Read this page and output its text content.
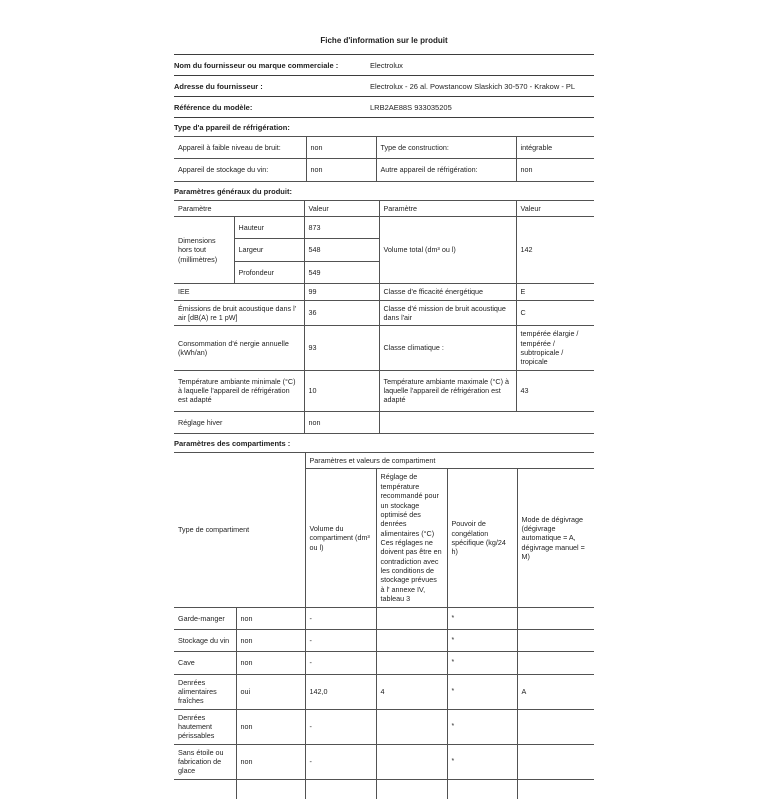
Fiche d'information sur le produit
Nom du fournisseur ou marque commerciale :	Electrolux
Adresse du fournisseur :	Electrolux - 26 al. Powstancow Slaskich 30-570 - Krakow - PL
Référence du modèle:	LRB2AE88S 933035205
Type d'a ppareil de réfrigération:
Appareil à faible niveau de bruit:	non	Type de construction:	intégrable
Appareil de stockage du vin:	non	Autre appareil de réfrigération:	non
Paramètres généraux du produit:
Paramètre		Valeur	Paramètre	Valeur
Dimensions hors tout (millimètres)	Hauteur	873	Volume total (dm³ ou l)	142
	Largeur	548		
	Profondeur	549		
IEE		99	Classe d'e fficacité énergétique	E
Émissions de bruit acoustique dans l' air [dB(A) re 1 pW]		36	Classe d'é mission de bruit acoustique dans l'air	C
Consommation d'é nergie annuelle (kWh/an)		93	Classe climatique :	tempérée élargie / tempérée / subtropicale / tropicale
Température ambiante minimale (°C) à laquelle l'appareil de réfrigération est adapté		10	Température ambiante maximale (°C) à laquelle l'appareil de réfrigération est adapté	43
Réglage hiver		non		
Paramètres des compartiments :
Type de compartiment		Paramètres et valeurs de compartiment			
		Volume du compartiment (dm³ ou l)	Réglage de température recommandé pour un stockage optimisé des denrées alimentaires (°C) Ces réglages ne doivent pas être en contradiction avec les conditions de stockage prévues à l' annexe IV, tableau 3	Pouvoir de congélation spécifique (kg/24 h)	Mode de dégivrage (dégivrage automatique = A, dégivrage manuel = M)
Garde-manger	non	-		*	
Stockage du vin	non	-		*	
Cave	non	-		*	
Denrées alimentaires fraîches	oui	142,0	4	*	A
Denrées hautement périssables	non	-		*	
Sans étoile ou fabrication de glace	non	-		*	
